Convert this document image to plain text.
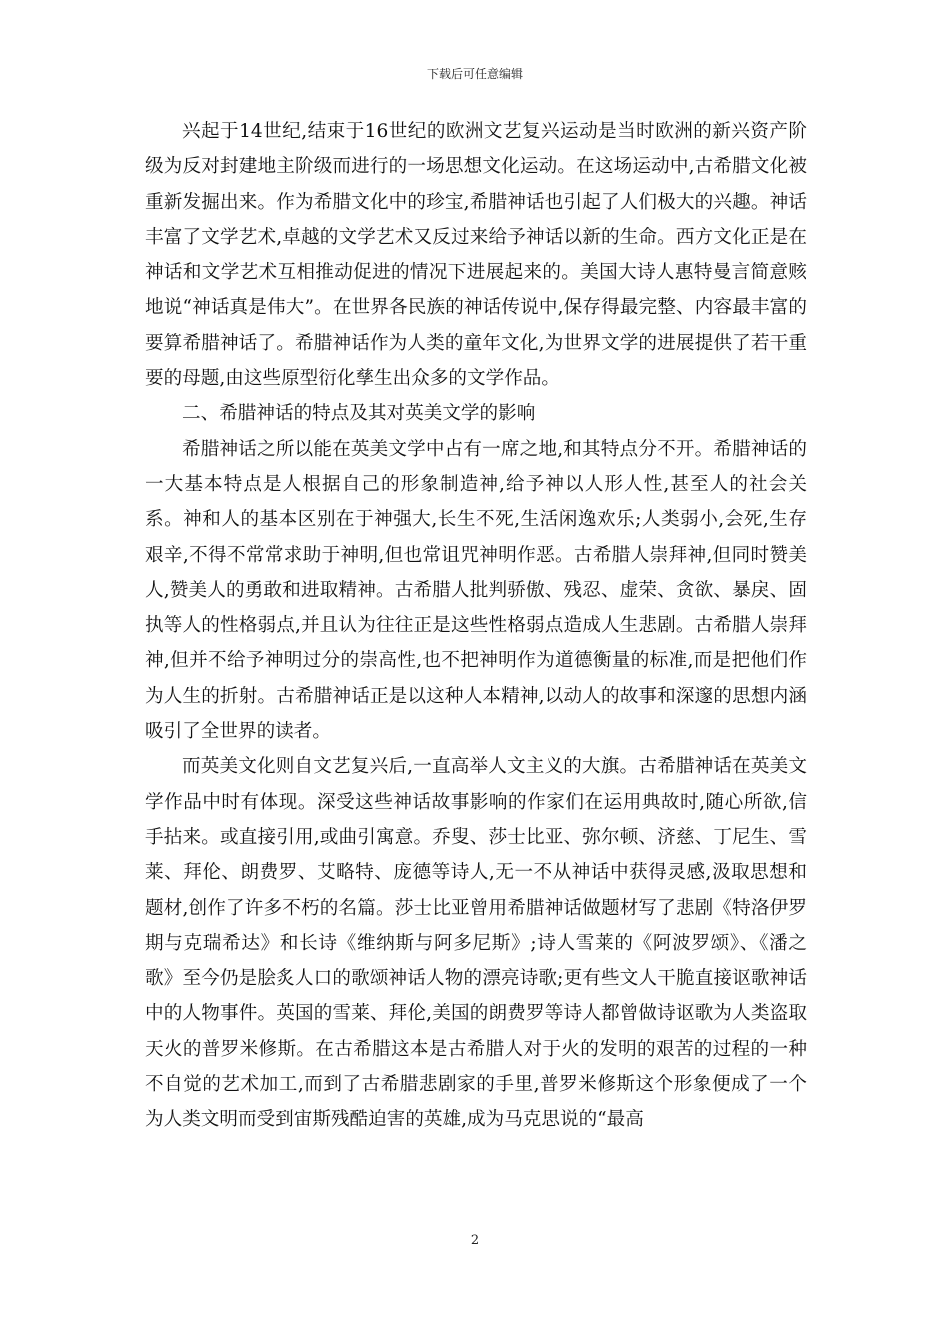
下载后可任意编辑

兴起于14世纪,结束于16世纪的欧洲文艺复兴运动是当时欧洲的新兴资产阶级为反对封建地主阶级而进行的一场思想文化运动。在这场运动中,古希腊文化被重新发掘出来。作为希腊文化中的珍宝,希腊神话也引起了人们极大的兴趣。神话丰富了文学艺术,卓越的文学艺术又反过来给予神话以新的生命。西方文化正是在神话和文学艺术互相推动促进的情况下进展起来的。美国大诗人惠特曼言简意赅地说“神话真是伟大”。在世界各民族的神话传说中,保存得最完整、内容最丰富的要算希腊神话了。希腊神话作为人类的童年文化,为世界文学的进展提供了若干重要的母题,由这些原型衍化孳生出众多的文学作品。

二、希腊神话的特点及其对英美文学的影响

希腊神话之所以能在英美文学中占有一席之地,和其特点分不开。希腊神话的一大基本特点是人根据自己的形象制造神,给予神以人形人性,甚至人的社会关系。神和人的基本区别在于神强大,长生不死,生活闲逸欢乐;人类弱小,会死,生存艰辛,不得不常常求助于神明,但也常诅咒神明作恶。古希腊人崇拜神,但同时赞美人,赞美人的勇敢和进取精神。古希腊人批判骄傲、残忍、虚荣、贪欲、暴戾、固执等人的性格弱点,并且认为往往正是这些性格弱点造成人生悲剧。古希腊人崇拜神,但并不给予神明过分的崇高性,也不把神明作为道德衡量的标准,而是把他们作为人生的折射。古希腊神话正是以这种人本精神,以动人的故事和深邃的思想内涵吸引了全世界的读者。

而英美文化则自文艺复兴后,一直高举人文主义的大旗。古希腊神话在英美文学作品中时有体现。深受这些神话故事影响的作家们在运用典故时,随心所欲,信手拈来。或直接引用,或曲引寓意。乔叟、莎士比亚、弥尔顿、济慈、丁尼生、雪莱、拜伦、朗费罗、艾略特、庞德等诗人,无一不从神话中获得灵感,汲取思想和题材,创作了许多不朽的名篇。莎士比亚曾用希腊神话做题材写了悲剧《特洛伊罗期与克瑞希达》和长诗《维纳斯与阿多尼斯》;诗人雪莱的《阿波罗颂》、《潘之歌》至今仍是脍炙人口的歌颂神话人物的漂亮诗歌;更有些文人干脆直接讴歌神话中的人物事件。英国的雪莱、拜伦,美国的朗费罗等诗人都曾做诗讴歌为人类盗取天火的普罗米修斯。在古希腊这本是古希腊人对于火的发明的艰苦的过程的一种不自觉的艺术加工,而到了古希腊悲剧家的手里,普罗米修斯这个形象便成了一个为人类文明而受到宙斯残酷迫害的英雄,成为马克思说的“最高

2
